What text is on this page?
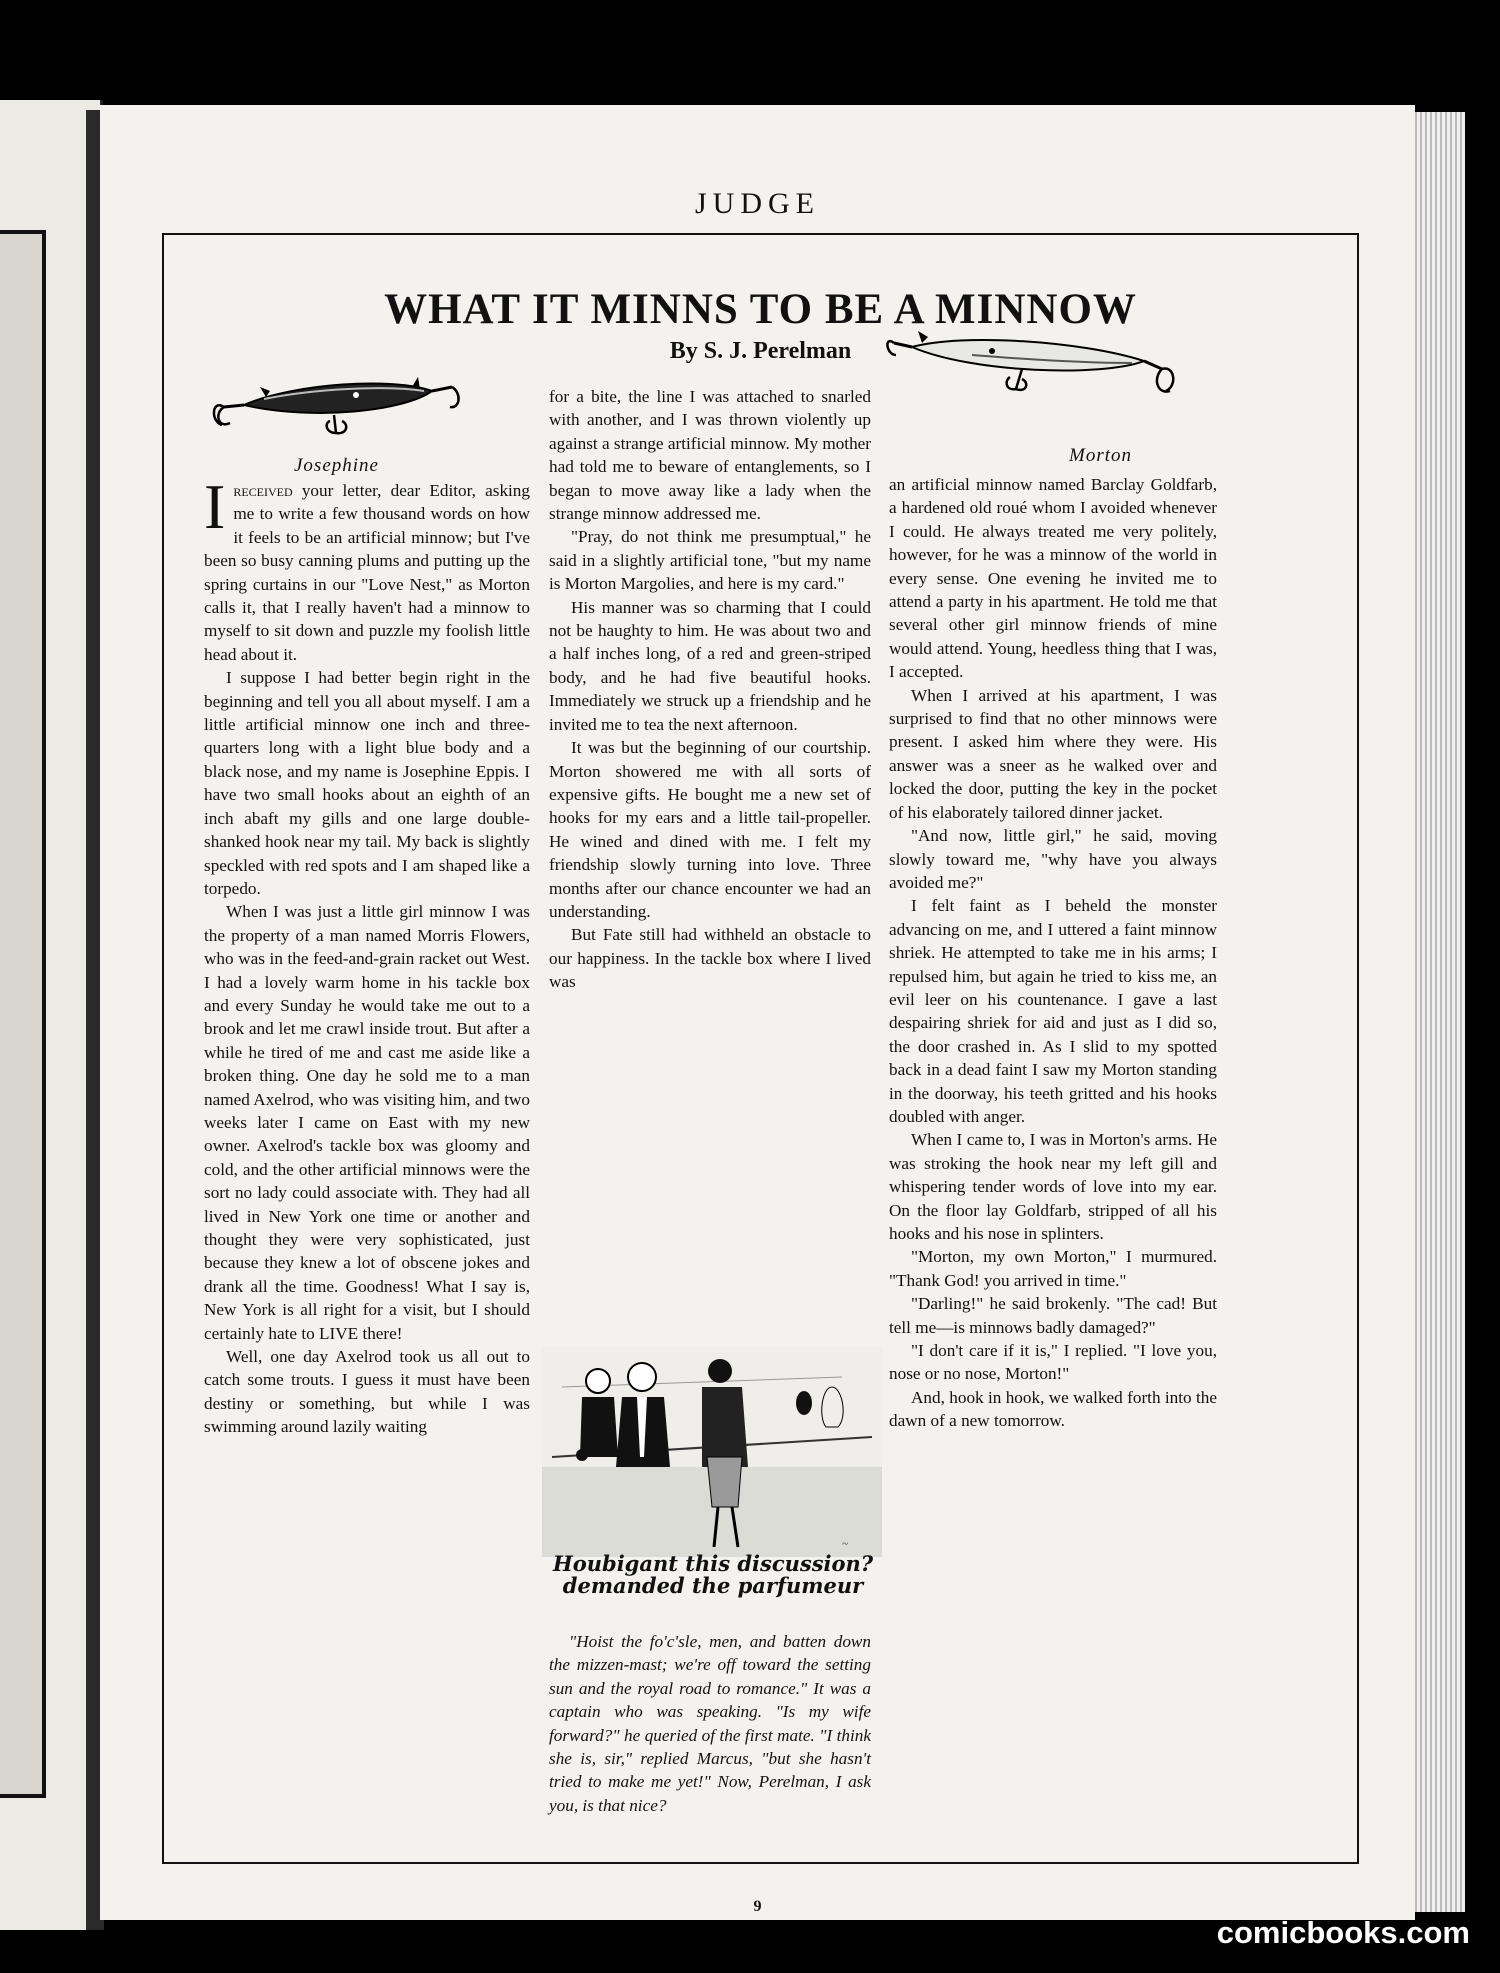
JUDGE
WHAT IT MINNS TO BE A MINNOW
By S. J. Perelman
Josephine	Morton

Ireceived your letter, dear Editor, asking me to write a few thousand words on how it feels to be an artificial minnow; but I've been so busy canning plums and putting up the spring curtains in our "Love Nest," as Morton calls it, that I really haven't had a minnow to myself to sit down and puzzle my foolish little head about it.

I suppose I had better begin right in the beginning and tell you all about myself. I am a little artificial minnow one inch and three-quarters long with a light blue body and a black nose, and my name is Josephine Eppis. I have two small hooks about an eighth of an inch abaft my gills and one large double-shanked hook near my tail. My back is slightly speckled with red spots and I am shaped like a torpedo.

When I was just a little girl minnow I was the property of a man named Morris Flowers, who was in the feed-and-grain racket out West. I had a lovely warm home in his tackle box and every Sunday he would take me out to a brook and let me crawl inside trout. But after a while he tired of me and cast me aside like a broken thing. One day he sold me to a man named Axelrod, who was visiting him, and two weeks later I came on East with my new owner. Axelrod's tackle box was gloomy and cold, and the other artificial minnows were the sort no lady could associate with. They had all lived in New York one time or another and thought they were very sophisticated, just because they knew a lot of obscene jokes and drank all the time. Goodness! What I say is, New York is all right for a visit, but I should certainly hate to LIVE there!

Well, one day Axelrod took us all out to catch some trouts. I guess it must have been destiny or something, but while I was swimming around lazily waiting

for a bite, the line I was attached to snarled with another, and I was thrown violently up against a strange artificial minnow. My mother had told me to beware of entanglements, so I began to move away like a lady when the strange minnow addressed me.

"Pray, do not think me presumptual," he said in a slightly artificial tone, "but my name is Morton Margolies, and here is my card."

His manner was so charming that I could not be haughty to him. He was about two and a half inches long, of a red and green-striped body, and he had five beautiful hooks. Immediately we struck up a friendship and he invited me to tea the next afternoon.

It was but the beginning of our courtship. Morton showered me with all sorts of expensive gifts. He bought me a new set of hooks for my ears and a little tail-propeller. He wined and dined with me. I felt my friendship slowly turning into love. Three months after our chance encounter we had an understanding.

But Fate still had withheld an obstacle to our happiness. In the tackle box where I lived was

~
Houbigant this discussion?
demanded the parfumeur

"Hoist the fo'c'sle, men, and batten down the mizzen-mast; we're off toward the setting sun and the royal road to romance." It was a captain who was speaking. "Is my wife forward?" he queried of the first mate. "I think she is, sir," replied Marcus, "but she hasn't tried to make me yet!" Now, Perelman, I ask you, is that nice?

an artificial minnow named Barclay Goldfarb, a hardened old roué whom I avoided whenever I could. He always treated me very politely, however, for he was a minnow of the world in every sense. One evening he invited me to attend a party in his apartment. He told me that several other girl minnow friends of mine would attend. Young, heedless thing that I was, I accepted.

When I arrived at his apartment, I was surprised to find that no other minnows were present. I asked him where they were. His answer was a sneer as he walked over and locked the door, putting the key in the pocket of his elaborately tailored dinner jacket.

"And now, little girl," he said, moving slowly toward me, "why have you always avoided me?"

I felt faint as I beheld the monster advancing on me, and I uttered a faint minnow shriek. He attempted to take me in his arms; I repulsed him, but again he tried to kiss me, an evil leer on his countenance. I gave a last despairing shriek for aid and just as I did so, the door crashed in. As I slid to my spotted back in a dead faint I saw my Morton standing in the doorway, his teeth gritted and his hooks doubled with anger.

When I came to, I was in Morton's arms. He was stroking the hook near my left gill and whispering tender words of love into my ear. On the floor lay Goldfarb, stripped of all his hooks and his nose in splinters.

"Morton, my own Morton," I murmured. "Thank God! you arrived in time."

"Darling!" he said brokenly. "The cad! But tell me—is minnows badly damaged?"

"I don't care if it is," I replied. "I love you, nose or no nose, Morton!"

And, hook in hook, we walked forth into the dawn of a new tomorrow.

9
comicbooks.com
